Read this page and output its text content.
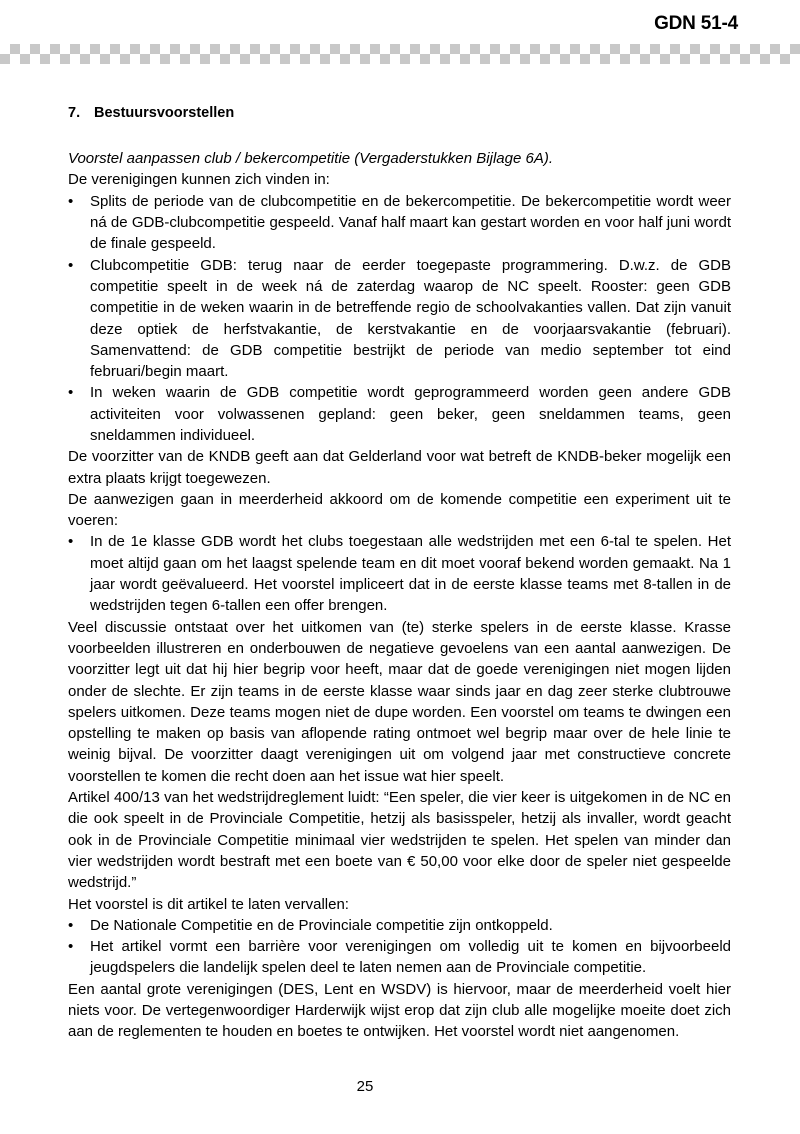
GDN 51-4
7. Bestuursvoorstellen

Voorstel aanpassen club / bekercompetitie (Vergaderstukken Bijlage 6A).

De verenigingen kunnen zich vinden in:

• Splits de periode van de clubcompetitie en de bekercompetitie. De bekercompetitie wordt weer ná de GDB-clubcompetitie gespeeld. Vanaf half maart kan gestart worden en voor half juni wordt de finale gespeeld.

• Clubcompetitie GDB: terug naar de eerder toegepaste programmering. D.w.z. de GDB competitie speelt in de week ná de zaterdag waarop de NC speelt. Rooster: geen GDB competitie in de weken waarin in de betreffende regio de schoolvakanties vallen. Dat zijn vanuit deze optiek de herfstvakantie, de kerstvakantie en de voorjaarsvakantie (februari). Samenvattend: de GDB competitie bestrijkt de periode van medio september tot eind februari/begin maart.

• In weken waarin de GDB competitie wordt geprogrammeerd worden geen andere GDB activiteiten voor volwassenen gepland: geen beker, geen sneldammen teams, geen sneldammen individueel.

De voorzitter van de KNDB geeft aan dat Gelderland voor wat betreft de KNDB-beker mogelijk een extra plaats krijgt toegewezen.

De aanwezigen gaan in meerderheid akkoord om de komende competitie een experiment uit te voeren:

• In de 1e klasse GDB wordt het clubs toegestaan alle wedstrijden met een 6-tal te spelen. Het moet altijd gaan om het laagst spelende team en dit moet vooraf bekend worden gemaakt. Na 1 jaar wordt geëvalueerd. Het voorstel impliceert dat in de eerste klasse teams met 8-tallen in de wedstrijden tegen 6-tallen een offer brengen.

Veel discussie ontstaat over het uitkomen van (te) sterke spelers in de eerste klasse. Krasse voorbeelden illustreren en onderbouwen de negatieve gevoelens van een aantal aanwezigen. De voorzitter legt uit dat hij hier begrip voor heeft, maar dat de goede verenigingen niet mogen lijden onder de slechte. Er zijn teams in de eerste klasse waar sinds jaar en dag zeer sterke clubtrouwe spelers uitkomen. Deze teams mogen niet de dupe worden. Een voorstel om teams te dwingen een opstelling te maken op basis van aflopende rating ontmoet wel begrip maar over de hele linie te weinig bijval. De voorzitter daagt verenigingen uit om volgend jaar met constructieve concrete voorstellen te komen die recht doen aan het issue wat hier speelt.

Artikel 400/13 van het wedstrijdreglement luidt: “Een speler, die vier keer is uitgekomen in de NC en die ook speelt in de Provinciale Competitie, hetzij als basisspeler, hetzij als invaller, wordt geacht ook in de Provinciale Competitie minimaal vier wedstrijden te spelen. Het spelen van minder dan vier wedstrijden wordt bestraft met een boete van € 50,00 voor elke door de speler niet gespeelde wedstrijd.”

Het voorstel is dit artikel te laten vervallen:

• De Nationale Competitie en de Provinciale competitie zijn ontkoppeld.

• Het artikel vormt een barrière voor verenigingen om volledig uit te komen en bijvoorbeeld jeugdspelers die landelijk spelen deel te laten nemen aan de Provinciale competitie.

Een aantal grote verenigingen (DES, Lent en WSDV) is hiervoor, maar de meerderheid voelt hier niets voor. De vertegenwoordiger Harderwijk wijst erop dat zijn club alle mogelijke moeite doet zich aan de reglementen te houden en boetes te ontwijken. Het voorstel wordt niet aangenomen.

25
